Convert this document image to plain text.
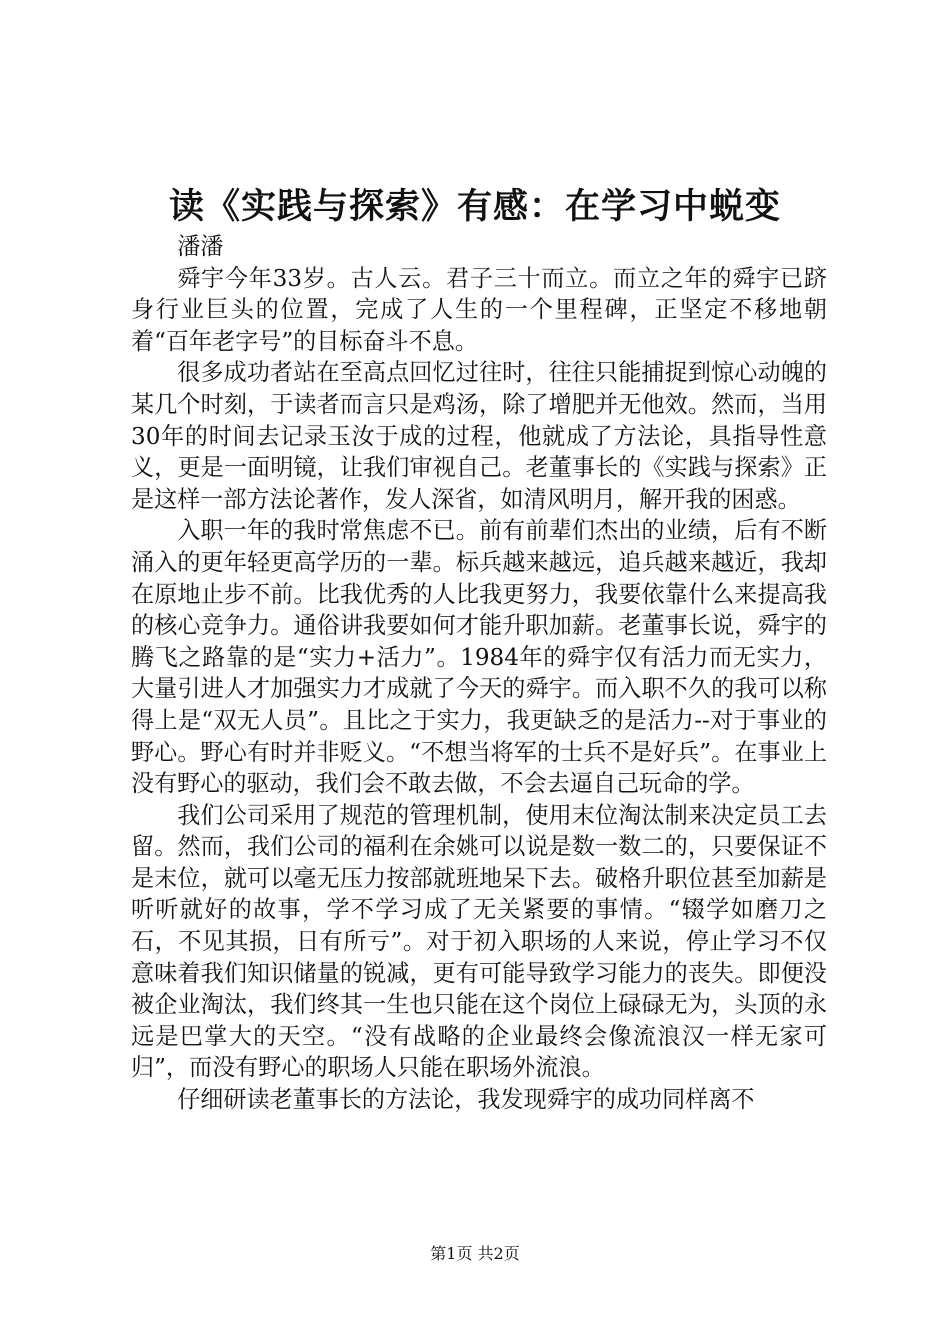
读《实践与探索》有感：在学习中蜕变

潘潘

舜宇今年33岁。古人云。君子三十而立。而立之年的舜宇已跻身行业巨头的位置，完成了人生的一个里程碑，正坚定不移地朝着“百年老字号”的目标奋斗不息。

很多成功者站在至高点回忆过往时，往往只能捕捉到惊心动魄的某几个时刻，于读者而言只是鸡汤，除了增肥并无他效。然而，当用30年的时间去记录玉汝于成的过程，他就成了方法论，具指导性意义，更是一面明镜，让我们审视自己。老董事长的《实践与探索》正是这样一部方法论著作，发人深省，如清风明月，解开我的困惑。

入职一年的我时常焦虑不已。前有前辈们杰出的业绩，后有不断涌入的更年轻更高学历的一辈。标兵越来越远，追兵越来越近，我却在原地止步不前。比我优秀的人比我更努力，我要依靠什么来提高我的核心竞争力。通俗讲我要如何才能升职加薪。老董事长说，舜宇的腾飞之路靠的是“实力+活力”。1984年的舜宇仅有活力而无实力，大量引进人才加强实力才成就了今天的舜宇。而入职不久的我可以称得上是“双无人员”。且比之于实力，我更缺乏的是活力--对于事业的野心。野心有时并非贬义。“不想当将军的士兵不是好兵”。在事业上没有野心的驱动，我们会不敢去做，不会去逼自己玩命的学。

我们公司采用了规范的管理机制，使用末位淘汰制来决定员工去留。然而，我们公司的福利在余姚可以说是数一数二的，只要保证不是末位，就可以毫无压力按部就班地呆下去。破格升职位甚至加薪是听听就好的故事，学不学习成了无关紧要的事情。“辍学如磨刀之石，不见其损，日有所亏”。对于初入职场的人来说，停止学习不仅意味着我们知识储量的锐减，更有可能导致学习能力的丧失。即便没被企业淘汰，我们终其一生也只能在这个岗位上碌碌无为，头顶的永远是巴掌大的天空。“没有战略的企业最终会像流浪汉一样无家可归”，而没有野心的职场人只能在职场外流浪。

仔细研读老董事长的方法论，我发现舜宇的成功同样离不

第1页 共2页
